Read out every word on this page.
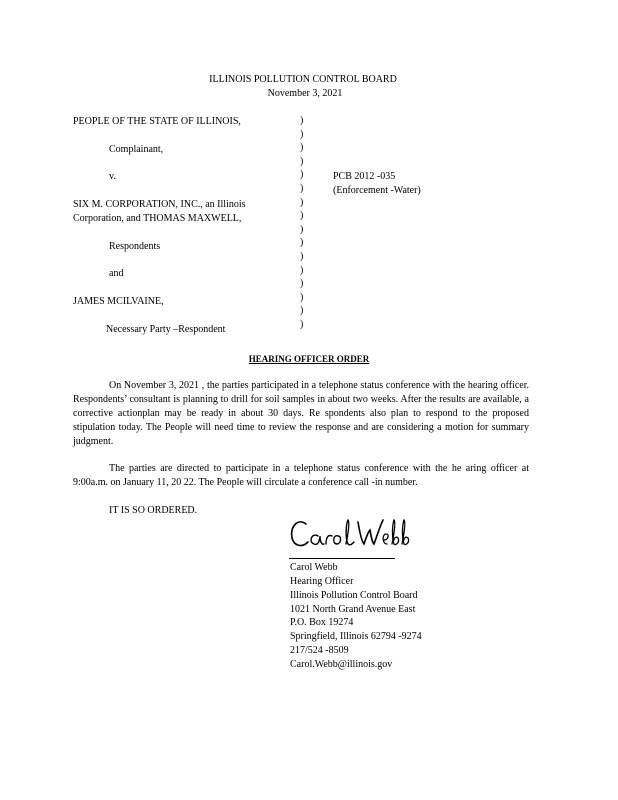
ILLINOIS POLLUTION CONTROL BOARD
November 3, 2021
PEOPLE OF THE STATE OF ILLINOIS,
Complainant,
v.
SIX M. CORPORATION, INC., an Illinois
Corporation, and THOMAS MAXWELL,
Respondents
and
JAMES MCILVAINE,
Necessary Party –Respondent
)
)
)
)
)
)
)
)
)
)
)
)
)
)
)
)
PCB 2012 -035
(Enforcement -Water)
HEARING OFFICER ORDER
On November 3, 2021 , the parties participated in a telephone status conference with the hearing officer. Respondents’ consultant is planning to drill for soil samples in about two weeks. After the results are available, a corrective actionplan may be ready in about 30 days. Re spondents also plan to respond to the proposed stipulation today. The People will need time to review the response and are considering a motion for summary judgment.
The parties are directed to participate in a telephone status conference with the he aring officer at 9:00a.m. on January 11, 20 22. The People will circulate a conference call -in number.
IT IS SO ORDERED.
Carol Webb
Hearing Officer
Illinois Pollution Control Board
1021 North Grand Avenue East
P.O. Box 19274
Springfield, Illinois 62794 -9274
217/524 -8509
Carol.Webb@illinois.gov
